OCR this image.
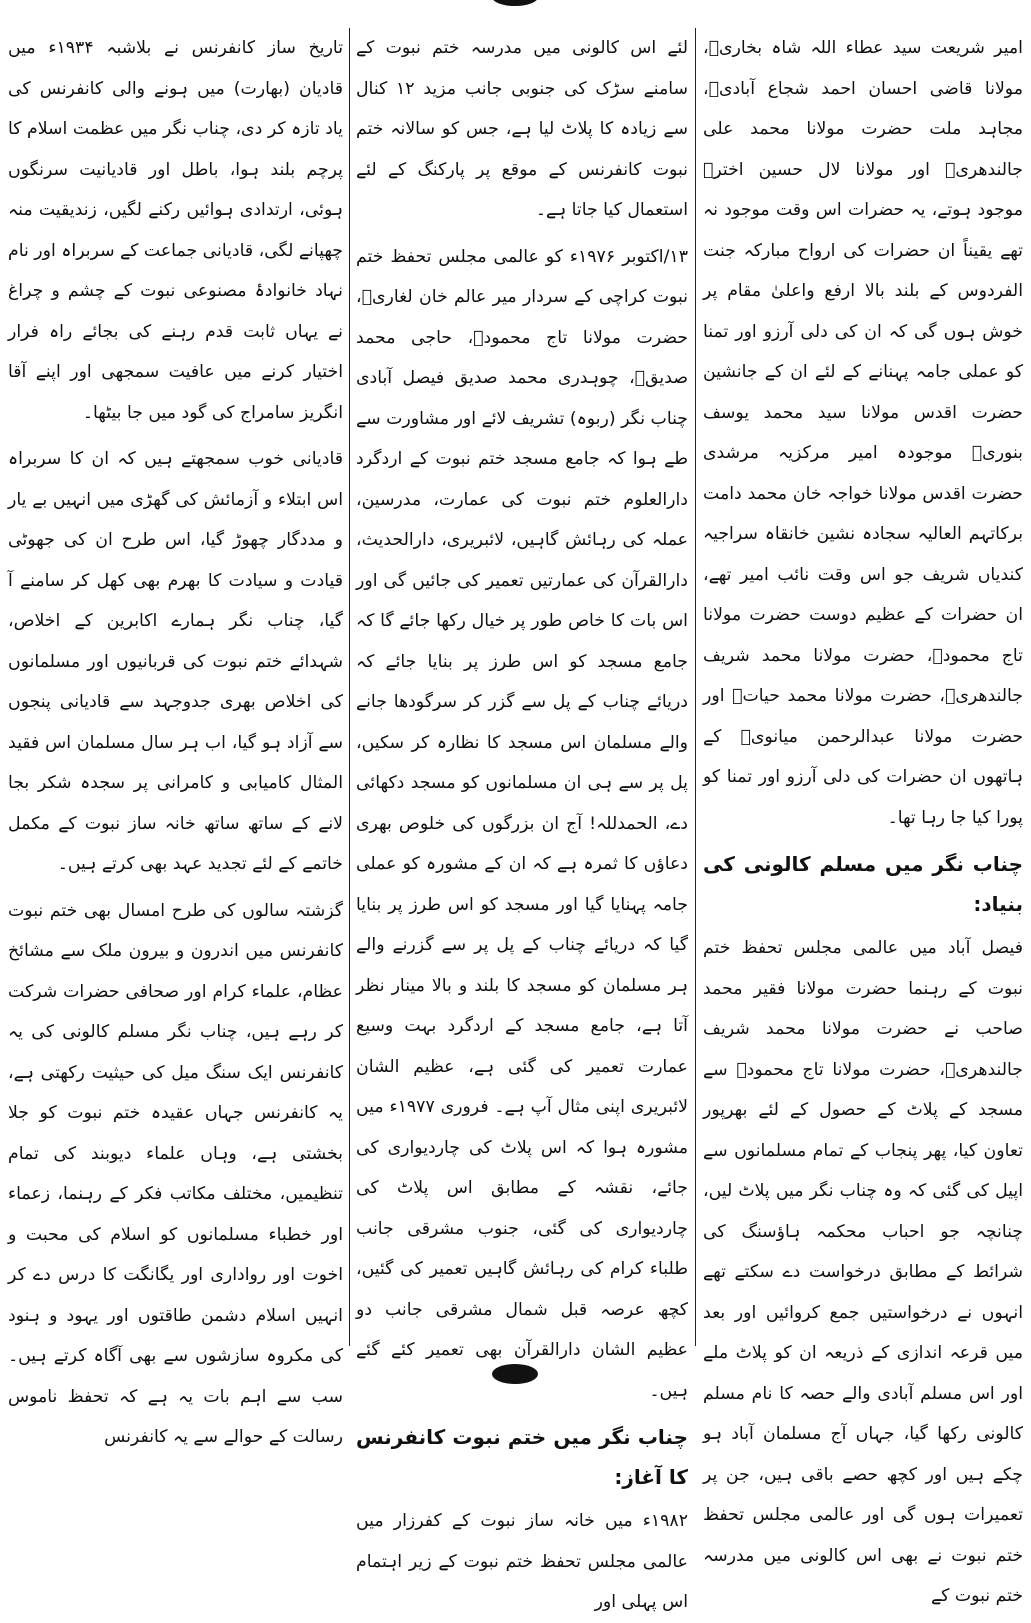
امیر شریعت سید عطاء اللہ شاہ بخاریؒ، مولانا قاضی احسان احمد شجاع آبادیؒ، مجاہد ملت حضرت مولانا محمد علی جالندھریؒ اور مولانا لال حسین اخترؒ موجود ہوتے، یہ حضرات اس وقت موجود نہ تھے یقیناً ان حضرات کی ارواح مبارکہ جنت الفردوس کے بلند بالا ارفع واعلیٰ مقام پر خوش ہوں گی کہ ان کی دلی آرزو اور تمنا کو عملی جامہ پہنانے کے لئے ان کے جانشین حضرت اقدس مولانا سید محمد یوسف بنوریؒ موجودہ امیر مرکزیہ مرشدی حضرت اقدس مولانا خواجہ خان محمد دامت برکاتہم العالیہ سجادہ نشین خانقاہ سراجیہ کندیاں شریف جو اس وقت نائب امیر تھے، ان حضرات کے عظیم دوست حضرت مولانا تاج محمودؒ، حضرت مولانا محمد شریف جالندھریؒ، حضرت مولانا محمد حیاتؒ اور حضرت مولانا عبدالرحمن میانویؒ کے ہاتھوں ان حضرات کی دلی آرزو اور تمنا کو پورا کیا جا رہا تھا۔

چناب نگر میں مسلم کالونی کی بنیاد:

فیصل آباد میں عالمی مجلس تحفظ ختم نبوت کے رہنما حضرت مولانا فقیر محمد صاحب نے حضرت مولانا محمد شریف جالندھریؒ، حضرت مولانا تاج محمودؒ سے مسجد کے پلاٹ کے حصول کے لئے بھرپور تعاون کیا، پھر پنجاب کے تمام مسلمانوں سے اپیل کی گئی کہ وہ چناب نگر میں پلاٹ لیں، چنانچہ جو احباب محکمہ ہاؤسنگ کی شرائط کے مطابق درخواست دے سکتے تھے انہوں نے درخواستیں جمع کروائیں اور بعد میں قرعہ اندازی کے ذریعہ ان کو پلاٹ ملے اور اس مسلم آبادی والے حصہ کا نام مسلم کالونی رکھا گیا، جہاں آج مسلمان آباد ہو چکے ہیں اور کچھ حصے باقی ہیں، جن پر تعمیرات ہوں گی اور عالمی مجلس تحفظ ختم نبوت نے بھی اس کالونی میں مدرسہ ختم نبوت کے

لئے اس کالونی میں مدرسہ ختم نبوت کے سامنے سڑک کی جنوبی جانب مزید ۱۲ کنال سے زیادہ کا پلاٹ لیا ہے، جس کو سالانہ ختم نبوت کانفرنس کے موقع پر پارکنگ کے لئے استعمال کیا جاتا ہے۔

۱۳/اکتوبر ۱۹۷۶ء کو عالمی مجلس تحفظ ختم نبوت کراچی کے سردار میر عالم خان لغاریؒ، حضرت مولانا تاج محمودؒ، حاجی محمد صدیقؒ، چوہدری محمد صدیق فیصل آبادی چناب نگر (ربوہ) تشریف لائے اور مشاورت سے طے ہوا کہ جامع مسجد ختم نبوت کے اردگرد دارالعلوم ختم نبوت کی عمارت، مدرسین، عملہ کی رہائش گاہیں، لائبریری، دارالحدیث، دارالقرآن کی عمارتیں تعمیر کی جائیں گی اور اس بات کا خاص طور پر خیال رکھا جائے گا کہ جامع مسجد کو اس طرز پر بنایا جائے کہ دریائے چناب کے پل سے گزر کر سرگودھا جانے والے مسلمان اس مسجد کا نظارہ کر سکیں، پل پر سے ہی ان مسلمانوں کو مسجد دکھائی دے، الحمدللہ! آج ان بزرگوں کی خلوص بھری دعاؤں کا ثمرہ ہے کہ ان کے مشورہ کو عملی جامہ پہنایا گیا اور مسجد کو اس طرز پر بنایا گیا کہ دریائے چناب کے پل پر سے گزرنے والے ہر مسلمان کو مسجد کا بلند و بالا مینار نظر آتا ہے، جامع مسجد کے اردگرد بہت وسیع عمارت تعمیر کی گئی ہے، عظیم الشان لائبریری اپنی مثال آپ ہے۔ فروری ۱۹۷۷ء میں مشورہ ہوا کہ اس پلاٹ کی چاردیواری کی جائے، نقشہ کے مطابق اس پلاٹ کی چاردیواری کی گئی، جنوب مشرقی جانب طلباء کرام کی رہائش گاہیں تعمیر کی گئیں، کچھ عرصہ قبل شمال مشرقی جانب دو عظیم الشان دارالقرآن بھی تعمیر کئے گئے ہیں۔

چناب نگر میں ختم نبوت کانفرنس کا آغاز:

۱۹۸۲ء میں خانہ ساز نبوت کے کفرزار میں عالمی مجلس تحفظ ختم نبوت کے زیر اہتمام اس پہلی اور

تاریخ ساز کانفرنس نے بلاشبہ ۱۹۳۴ء میں قادیان (بھارت) میں ہونے والی کانفرنس کی یاد تازہ کر دی، چناب نگر میں عظمت اسلام کا پرچم بلند ہوا، باطل اور قادیانیت سرنگوں ہوئی، ارتدادی ہوائیں رکنے لگیں، زندیقیت منہ چھپانے لگی، قادیانی جماعت کے سربراہ اور نام نہاد خانوادۂ مصنوعی نبوت کے چشم و چراغ نے یہاں ثابت قدم رہنے کی بجائے راہ فرار اختیار کرنے میں عافیت سمجھی اور اپنے آقا انگریز سامراج کی گود میں جا بیٹھا۔

قادیانی خوب سمجھتے ہیں کہ ان کا سربراہ اس ابتلاء و آزمائش کی گھڑی میں انہیں بے یار و مددگار چھوڑ گیا، اس طرح ان کی جھوٹی قیادت و سیادت کا بھرم بھی کھل کر سامنے آ گیا، چناب نگر ہمارے اکابرین کے اخلاص، شہدائے ختم نبوت کی قربانیوں اور مسلمانوں کی اخلاص بھری جدوجہد سے قادیانی پنجوں سے آزاد ہو گیا، اب ہر سال مسلمان اس فقید المثال کامیابی و کامرانی پر سجدہ شکر بجا لانے کے ساتھ ساتھ خانہ ساز نبوت کے مکمل خاتمے کے لئے تجدید عہد بھی کرتے ہیں۔

گزشتہ سالوں کی طرح امسال بھی ختم نبوت کانفرنس میں اندرون و بیرون ملک سے مشائخ عظام، علماء کرام اور صحافی حضرات شرکت کر رہے ہیں، چناب نگر مسلم کالونی کی یہ کانفرنس ایک سنگ میل کی حیثیت رکھتی ہے، یہ کانفرنس جہاں عقیدہ ختم نبوت کو جلا بخشتی ہے، وہاں علماء دیوبند کی تمام تنظیمیں، مختلف مکاتب فکر کے رہنما، زعماء اور خطباء مسلمانوں کو اسلام کی محبت و اخوت اور رواداری اور یگانگت کا درس دے کر انہیں اسلام دشمن طاقتوں اور یہود و ہنود کی مکروہ سازشوں سے بھی آگاہ کرتے ہیں۔ سب سے اہم بات یہ ہے کہ تحفظ ناموس رسالت کے حوالے سے یہ کانفرنس
